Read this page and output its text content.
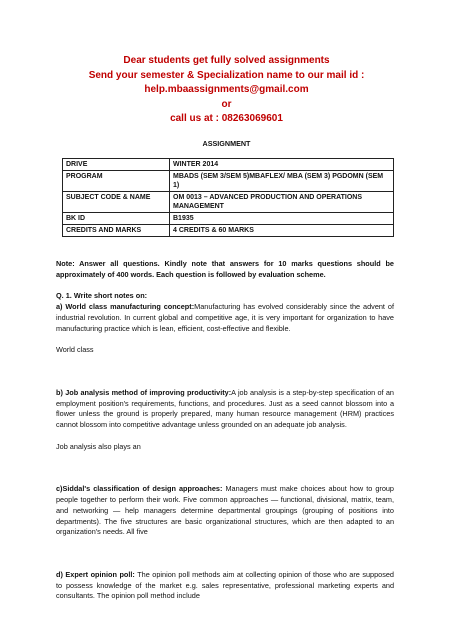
Dear students get fully solved assignments
Send your semester & Specialization name to our mail id :
help.mbaassignments@gmail.com
or
call us at : 08263069601
ASSIGNMENT
DRIVE	WINTER 2014
PROGRAM	MBADS (SEM 3/SEM 5)MBAFLEX/ MBA (SEM 3) PGDOMN (SEM 1)
SUBJECT CODE & NAME	OM 0013 – ADVANCED PRODUCTION AND OPERATIONS MANAGEMENT
BK ID	B1935
CREDITS AND MARKS	4 CREDITS & 60 MARKS

Note: Answer all questions. Kindly note that answers for 10 marks questions should be approximately of 400 words. Each question is followed by evaluation scheme.

Q. 1. Write short notes on:

a) World class manufacturing concept:Manufacturing has evolved considerably since the advent of industrial revolution. In current global and competitive age, it is very important for organization to have manufacturing practice which is lean, efficient, cost-effective and flexible.

World class

b) Job analysis method of improving productivity:A job analysis is a step-by-step specification of an employment position's requirements, functions, and procedures. Just as a seed cannot blossom into a flower unless the ground is properly prepared, many human resource management (HRM) practices cannot blossom into competitive advantage unless grounded on an adequate job analysis.

Job analysis also plays an

c)Siddal's classification of design approaches: Managers must make choices about how to group people together to perform their work. Five common approaches — functional, divisional, matrix, team, and networking — help managers determine departmental groupings (grouping of positions into departments). The five structures are basic organizational structures, which are then adapted to an organization's needs. All five

d) Expert opinion poll: The opinion poll methods aim at collecting opinion of those who are supposed to possess knowledge of the market e.g. sales representative, professional marketing experts and consultants. The opinion poll method include
